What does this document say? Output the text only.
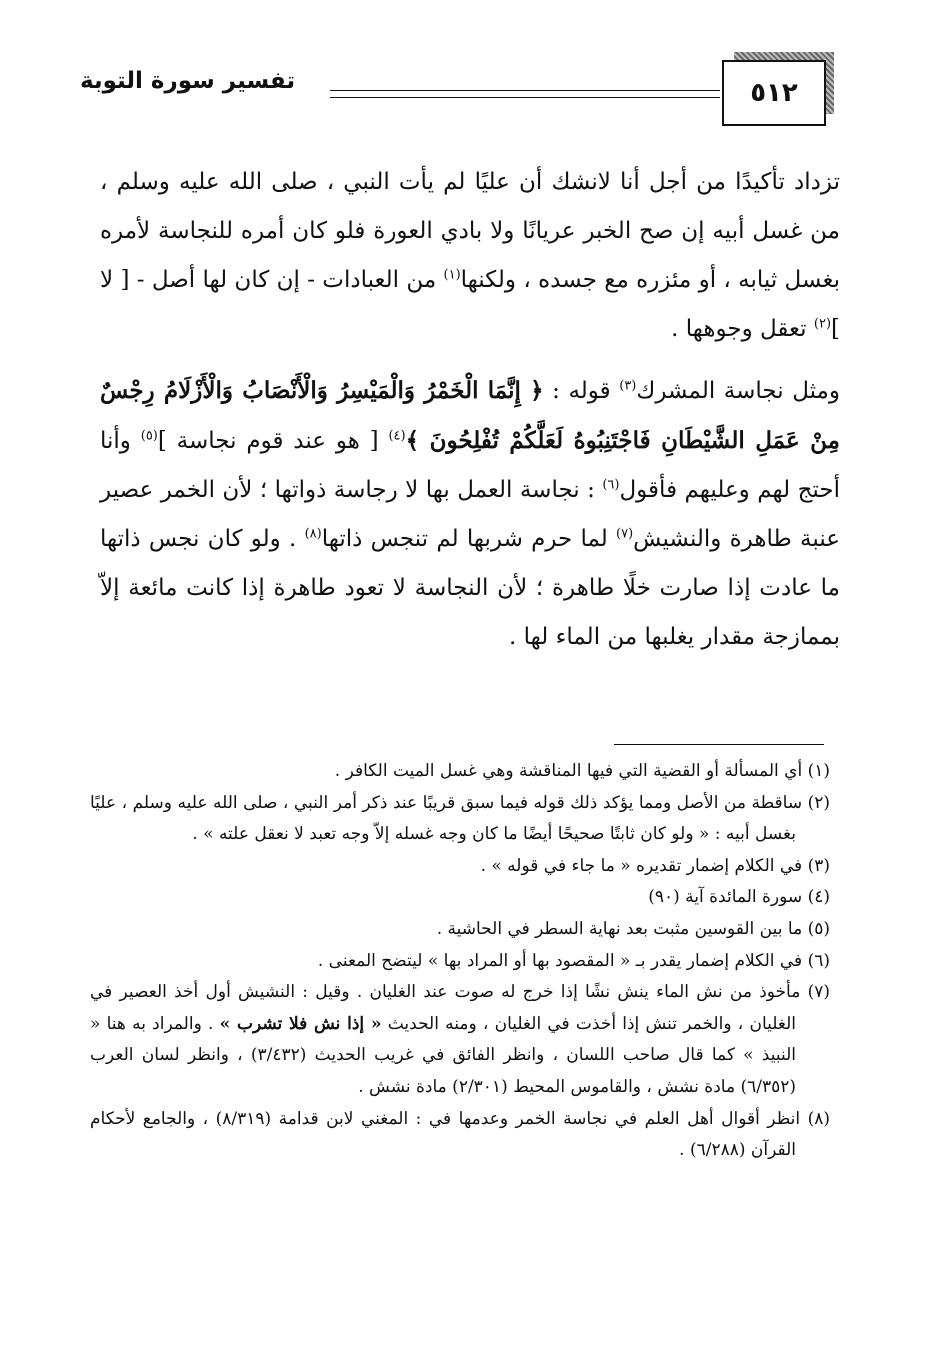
٥١٢
تفسير سورة التوبة

تزداد تأكيدًا من أجل أنا لانشك أن عليًا لم يأت النبي ، صلى الله عليه وسلم ، من غسل أبيه إن صح الخبر عريانًا ولا بادي العورة فلو كان أمره للنجاسة لأمره بغسل ثيابه ، أو مئزره مع جسده ، ولكنها$^{(١)}$ من العبادات - إن كان لها أصل - [ لا ]$^{(٢)}$ تعقل وجوهها .

ومثل نجاسة المشرك$^{(٣)}$ قوله : ﴿ إِنَّمَا الْخَمْرُ وَالْمَيْسِرُ وَالْأَنْصَابُ وَالْأَزْلَامُ رِجْسٌ مِنْ عَمَلِ الشَّيْطَانِ فَاجْتَنِبُوهُ لَعَلَّكُمْ تُفْلِحُونَ ﴾$^{(٤)}$ [ هو عند قوم نجاسة ]$^{(٥)}$ وأنا أحتج لهم وعليهم فأقول$^{(٦)}$ : نجاسة العمل بها لا رجاسة ذواتها ؛ لأن الخمر عصير عنبة طاهرة والنشيش$^{(٧)}$ لما حرم شربها لم تنجس ذاتها$^{(٨)}$ . ولو كان نجس ذاتها ما عادت إذا صارت خلًا طاهرة ؛ لأن النجاسة لا تعود طاهرة إذا كانت مائعة إلاّ بممازجة مقدار يغلبها من الماء لها .

(١) أي المسألة أو القضية التي فيها المناقشة وهي غسل الميت الكافر .

(٢) ساقطة من الأصل ومما يؤكد ذلك قوله فيما سبق قريبًا عند ذكر أمر النبي ، صلى الله عليه وسلم ، عليًا بغسل أبيه : « ولو كان ثابتًا صحيحًا أيضًا ما كان وجه غسله إلاّ وجه تعبد لا نعقل علته » .

(٣) في الكلام إضمار تقديره « ما جاء في قوله » .

(٤) سورة المائدة آية (٩٠)

(٥) ما بين القوسين مثبت بعد نهاية السطر في الحاشية .

(٦) في الكلام إضمار يقدر بـ « المقصود بها أو المراد بها » ليتضح المعنى .

(٧) مأخوذ من نش الماء ينش نشًا إذا خرج له صوت عند الغليان . وقيل : النشيش أول أخذ العصير في الغليان ، والخمر تنش إذا أخذت في الغليان ، ومنه الحديث « إذا نش فلا تشرب » . والمراد به هنا « النبيذ » كما قال صاحب اللسان ، وانظر الفائق في غريب الحديث (٣/٤٣٢) ، وانظر لسان العرب (٦/٣٥٢) مادة نشش ، والقاموس المحيط (٢/٣٠١) مادة نشش .

(٨) انظر أقوال أهل العلم في نجاسة الخمر وعدمها في : المغني لابن قدامة (٨/٣١٩) ، والجامع لأحكام القرآن (٦/٢٨٨) .
